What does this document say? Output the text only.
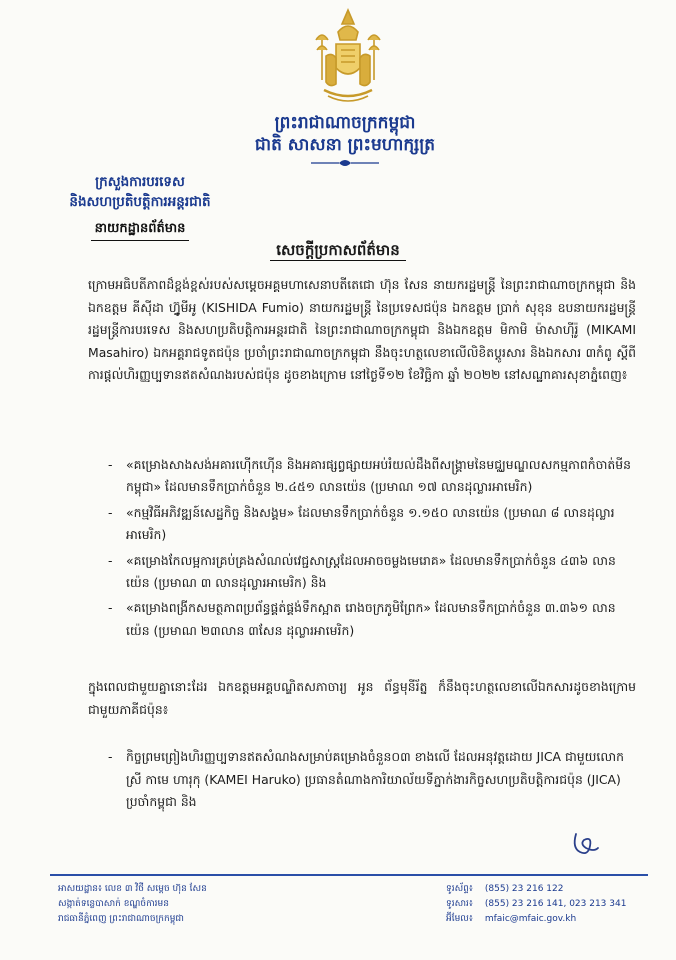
ព្រះរាជាណាចក្រកម្ពុជា
ជាតិ សាសនា ព្រះមហាក្សត្រ
ក្រសួងការបរទេស
និងសហប្រតិបត្តិការអន្តរជាតិ
នាយកដ្ឋានព័ត៌មាន
សេចក្តីប្រកាសព័ត៌មាន
ក្រោមអធិបតីភាពដ៏ខ្ពង់ខ្ពស់របស់សម្តេចអគ្គមហាសេនាបតីតេជោ ហ៊ុន សែន នាយករដ្ឋមន្ត្រី នៃព្រះរាជាណាចក្រកម្ពុជា និង ឯកឧត្តម គីស៊ីដា ហ្វ៊ូមីអូ (KISHIDA Fumio) នាយករដ្ឋមន្ត្រី នៃប្រទេសជប៉ុន ឯកឧត្តម ប្រាក់ សុខុន ឧបនាយករដ្ឋមន្ត្រី រដ្ឋមន្ត្រីការបរទេស និងសហប្រតិបត្តិការអន្តរជាតិ នៃព្រះរាជាណាចក្រកម្ពុជា និងឯកឧត្តម មិកាមិ ម៉ាសាហ៊ីរ៉ូ (MIKAMI Masahiro) ឯកអគ្គរាជទូតជប៉ុន ប្រចាំព្រះរាជាណាចក្រកម្ពុជា នឹងចុះហត្ថលេខាលើលិខិតប្តូរសារ និងឯកសារ ៣កំពូ ស្តីពីការផ្តល់ហិរញ្ញប្បទានឥតសំណងរបស់ជប៉ុន ដូចខាងក្រោម នៅថ្ងៃទី១២ ខែវិច្ឆិកា ឆ្នាំ ២០២២ នៅសណ្ឋាគារសុខាភ្នំពេញ៖
- «គម្រោងសាងសង់អគារហ៊ើកហ៊ើន និងអគារផ្សព្វផ្សាយអប់រំយល់ដឹងពីសង្គ្រាមនៃមជ្ឈមណ្ឌលសកម្មភាពកំចាត់មីនកម្ពុជា» ដែលមានទឹកប្រាក់ចំនួន ២.៤៥១ លានយ៉េន (ប្រមាណ ១៧ លានដុល្លារអាមេរិក)
- «កម្មវិធីអភិវឌ្ឍន៍សេដ្ឋកិច្ច និងសង្គម» ដែលមានទឹកប្រាក់ចំនួន ១.១៥០ លានយ៉េន (ប្រមាណ ៨ លានដុល្លារអាមេរិក)
- «គម្រោងកែលម្អការគ្រប់គ្រងសំណល់វេជ្ជសាស្ត្រដែលអាចចម្លងមេរោគ» ដែលមានទឹកប្រាក់ចំនួន ៤៣៦ លានយ៉េន (ប្រមាណ ៣ លានដុល្លារអាមេរិក) និង
- «គម្រោងពង្រីកសមត្ថភាពប្រព័ន្ធផ្គត់ផ្គង់ទឹកស្អាត រោងចក្រភូមិព្រែក» ដែលមានទឹកប្រាក់ចំនួន ៣.៣៦១ លានយ៉េន (ប្រមាណ ២៣លាន ៣សែន ដុល្លារអាមេរិក)
ក្នុងពេលជាមួយគ្នានោះដែរ ឯកឧត្តមអគ្គបណ្ឌិតសភាចារ្យ អូន ព័ន្ធមុនីរ័ត្ន ក៏នឹងចុះហត្ថលេខាលើឯកសារដូចខាងក្រោមជាមួយភាគីជប៉ុន៖
- កិច្ចព្រមព្រៀងហិរញ្ញប្បទានឥតសំណងសម្រាប់គម្រោងចំនួន០៣ ខាងលើ ដែលអនុវត្តដោយ JICA ជាមួយលោកស្រី កាមេ ហារុកុ (KAMEI Haruko) ប្រធានតំណាងការិយាល័យទីភ្នាក់ងារកិច្ចសហប្រតិបត្តិការជប៉ុន (JICA) ប្រចាំកម្ពុជា និង
អាសយដ្ឋាន៖ លេខ ៣ វិថី សម្តេច ហ៊ុន សែន
សង្កាត់ទន្លេបាសាក់ ខណ្ឌចំការមន
រាជធានីភ្នំពេញ ព្រះរាជាណាចក្រកម្ពុជា
ទូរស័ព្ទ៖ (855) 23 216 122
ទូរសារ៖ (855) 23 216 141, 023 213 341
អ៊ីមែល៖ mfaic@mfaic.gov.kh
